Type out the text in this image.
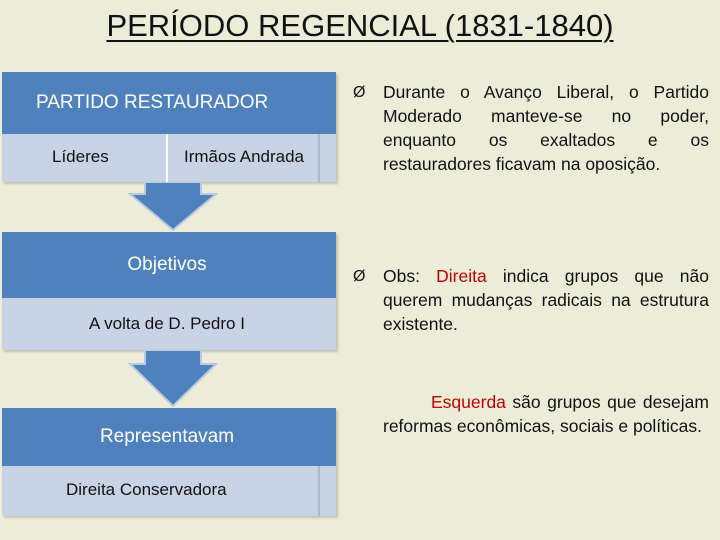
PERÍODO REGENCIAL (1831-1840)
PARTIDO RESTAURADOR
Líderes	Irmãos Andrada
Objetivos
A volta de D. Pedro I
Representavam
Direita Conservadora
Ø	Durante o Avanço Liberal, o Partido Moderado manteve-se no poder, enquanto os exaltados e os restauradores ficavam na oposição.
Ø	Obs: Direita indica grupos que não querem mudanças radicais na estrutura existente.
Esquerda são grupos que desejam reformas econômicas, sociais e políticas.
